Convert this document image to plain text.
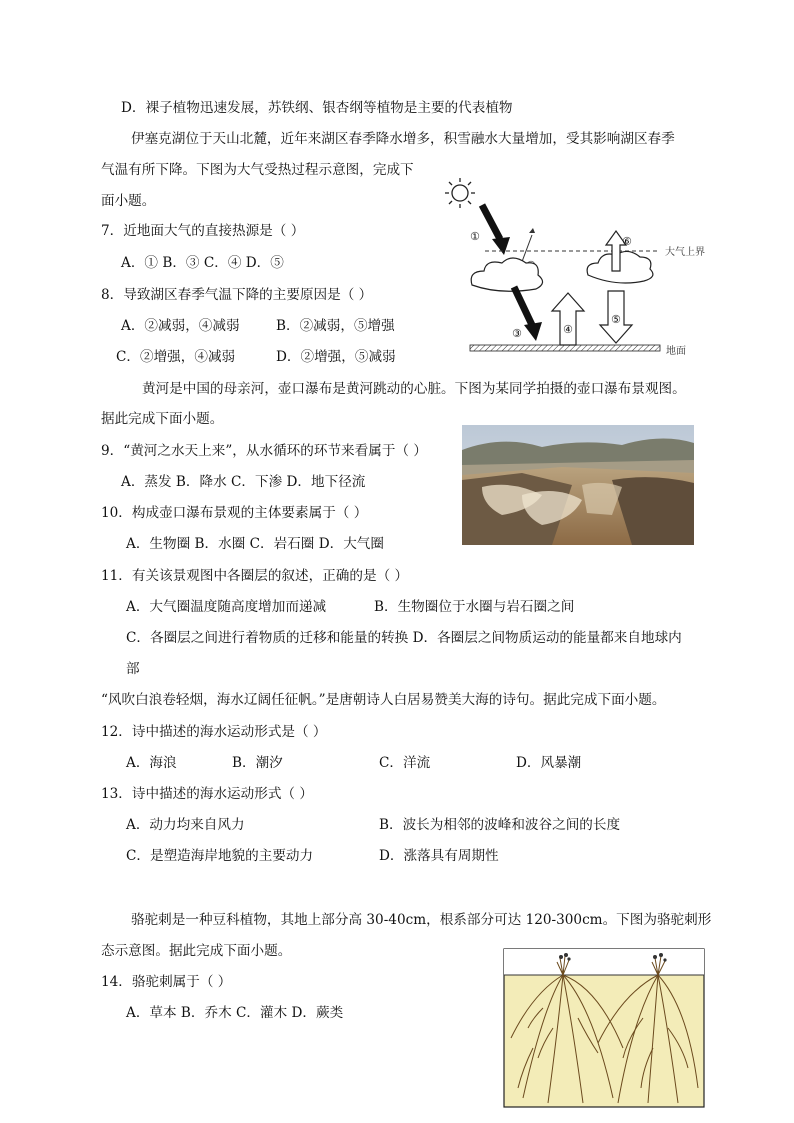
D．裸子植物迅速发展，苏铁纲、银杏纲等植物是主要的代表植物
伊塞克湖位于天山北麓，近年来湖区春季降水增多，积雪融水大量增加，受其影响湖区春季
气温有所下降。下图为大气受热过程示意图，完成下
面小题。
7．近地面大气的直接热源是（ ）
A．① B．③ C．④ D．⑤
8．导致湖区春季气温下降的主要原因是（ ）
A．②减弱，④减弱	B．②减弱，⑤增强
C．②增强，④减弱	D．②增强，⑤减弱
黄河是中国的母亲河，壶口瀑布是黄河跳动的心脏。下图为某同学拍摄的壶口瀑布景观图。
据此完成下面小题。
9．“黄河之水天上来”，从水循环的环节来看属于（ ）
A．蒸发 B．降水 C．下渗 D．地下径流
10．构成壶口瀑布景观的主体要素属于（ ）
A．生物圈 B．水圈 C．岩石圈 D．大气圈
11．有关该景观图中各圈层的叙述，正确的是（ ）
A．大气圈温度随高度增加而递减	B．生物圈位于水圈与岩石圈之间
C．各圈层之间进行着物质的迁移和能量的转换 D．各圈层之间物质运动的能量都来自地球内
部
“风吹白浪卷轻烟，海水辽阔任征帆。”是唐朝诗人白居易赞美大海的诗句。据此完成下面小题。
12．诗中描述的海水运动形式是（ ）
A．海浪	B．潮汐	C．洋流	D．风暴潮
13．诗中描述的海水运动形式（ ）
A．动力均来自风力	B．波长为相邻的波峰和波谷之间的长度
C．是塑造海岸地貌的主要动力	D．涨落具有周期性
骆驼刺是一种豆科植物，其地上部分高 30-40cm，根系部分可达 120-300cm。下图为骆驼刺形
态示意图。据此完成下面小题。
14．骆驼刺属于（ ）
A．草本 B．乔木 C．灌木 D．蕨类
①
大气上界
③	④
⑤
⑥
地面
